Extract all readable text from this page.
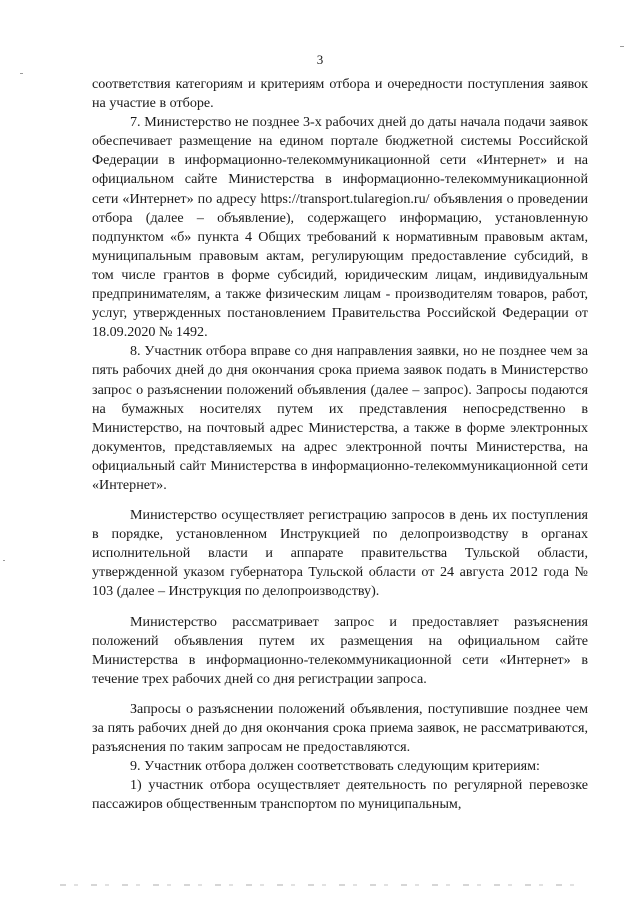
3

соответствия категориям и критериям отбора и очередности поступления заявок на участие в отборе.

7. Министерство не позднее 3-х рабочих дней до даты начала подачи заявок обеспечивает размещение на едином портале бюджетной системы Российской Федерации в информационно-телекоммуникационной сети «Интернет» и на официальном сайте Министерства в информационно-телекоммуникационной сети «Интернет» по адресу https://transport.tularegion.ru/ объявления о проведении отбора (далее – объявление), содержащего информацию, установленную подпунктом «б» пункта 4 Общих требований к нормативным правовым актам, муниципальным правовым актам, регулирующим предоставление субсидий, в том числе грантов в форме субсидий, юридическим лицам, индивидуальным предпринимателям, а также физическим лицам - производителям товаров, работ, услуг, утвержденных постановлением Правительства Российской Федерации от 18.09.2020 № 1492.

8. Участник отбора вправе со дня направления заявки, но не позднее чем за пять рабочих дней до дня окончания срока приема заявок подать в Министерство запрос о разъяснении положений объявления (далее – запрос). Запросы подаются на бумажных носителях путем их представления непосредственно в Министерство, на почтовый адрес Министерства, а также в форме электронных документов, представляемых на адрес электронной почты Министерства, на официальный сайт Министерства в информационно-телекоммуникационной сети «Интернет».

Министерство осуществляет регистрацию запросов в день их поступления в порядке, установленном Инструкцией по делопроизводству в органах исполнительной власти и аппарате правительства Тульской области, утвержденной указом губернатора Тульской области от 24 августа 2012 года № 103 (далее – Инструкция по делопроизводству).

Министерство рассматривает запрос и предоставляет разъяснения положений объявления путем их размещения на официальном сайте Министерства в информационно-телекоммуникационной сети «Интернет» в течение трех рабочих дней со дня регистрации запроса.

Запросы о разъяснении положений объявления, поступившие позднее чем за пять рабочих дней до дня окончания срока приема заявок, не рассматриваются, разъяснения по таким запросам не предоставляются.

9. Участник отбора должен соответствовать следующим критериям:

1) участник отбора осуществляет деятельность по регулярной перевозке пассажиров общественным транспортом по муниципальным,
